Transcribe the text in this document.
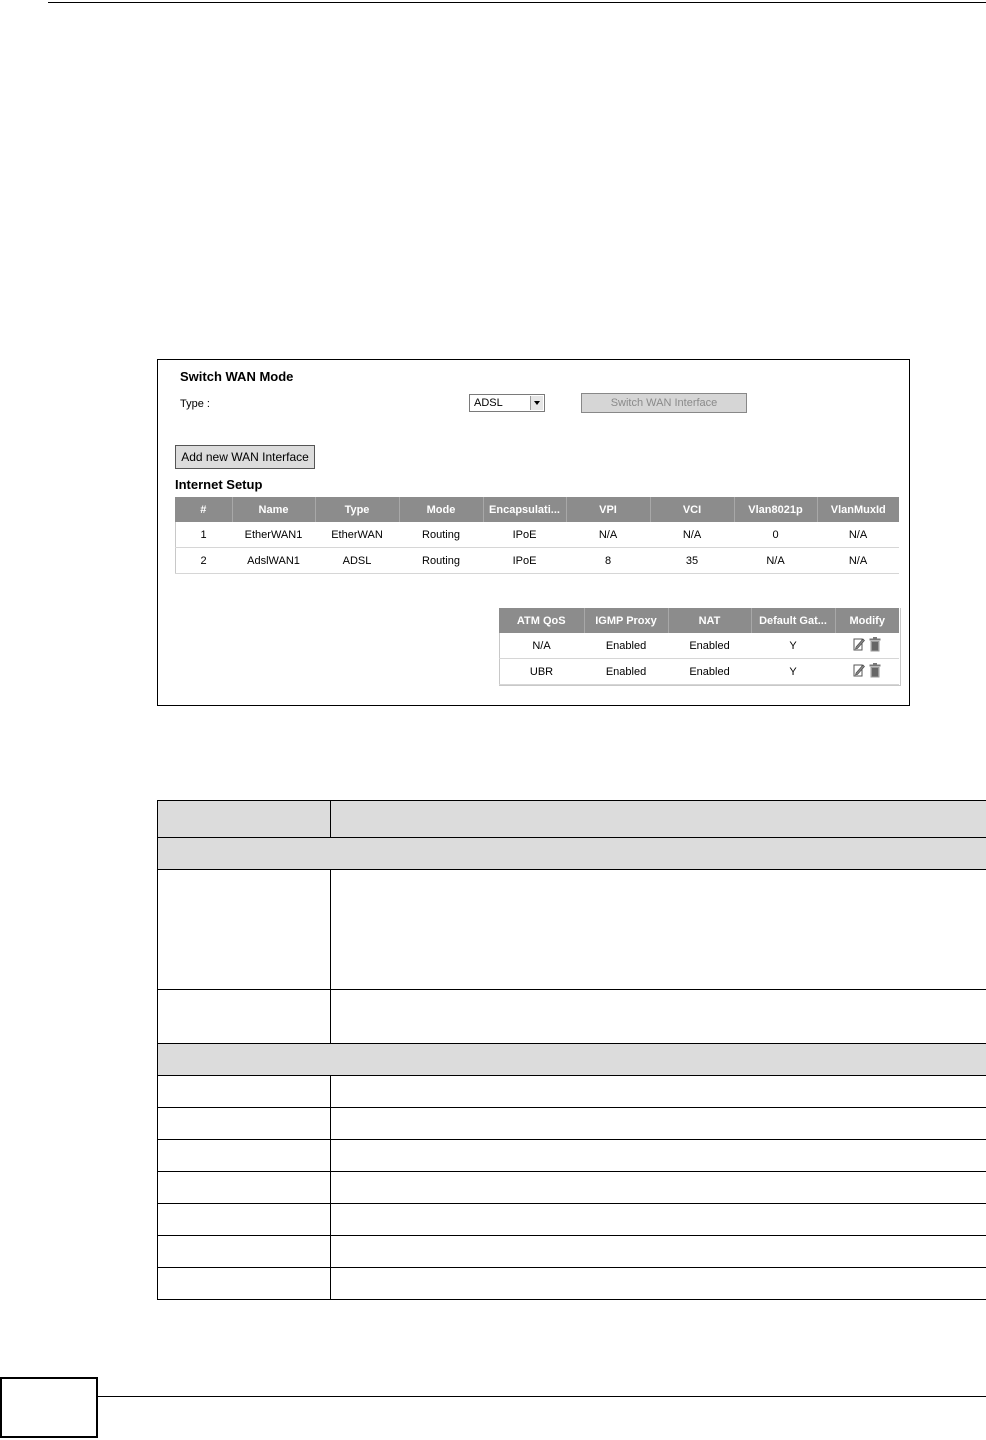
Switch WAN Mode
Type :	ADSL	Switch WAN Interface
Add new WAN Interface
Internet Setup
#	Name	Type	Mode	Encapsulati...	VPI	VCI	Vlan8021p	VlanMuxId
1	EtherWAN1	EtherWAN	Routing	IPoE	N/A	N/A	0	N/A
2	AdslWAN1	ADSL	Routing	IPoE	8	35	N/A	N/A
ATM QoS	IGMP Proxy	NAT	Default Gat...	Modify
N/A	Enabled	Enabled	Y	

UBR	Enabled	Enabled	Y	
